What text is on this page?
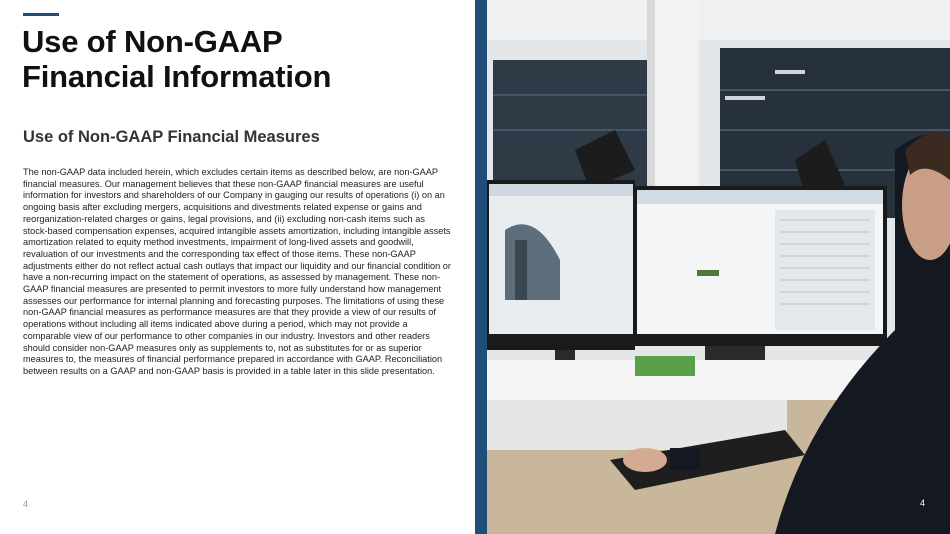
Use of Non-GAAP
Financial Information
Use of Non-GAAP Financial Measures

The non-GAAP data included herein, which excludes certain items as described below, are non-GAAP financial measures. Our management believes that these non-GAAP financial measures are useful information for investors and shareholders of our Company in gauging our results of operations (i) on an ongoing basis after excluding mergers, acquisitions and divestments related expense or gains and reorganization-related charges or gains, legal provisions, and (ii) excluding non-cash items such as stock-based compensation expenses, acquired intangible assets amortization, including intangible assets amortization related to equity method investments, impairment of long-lived assets and goodwill, revaluation of our investments and the corresponding tax effect of those items. These non-GAAP adjustments either do not reflect actual cash outlays that impact our liquidity and our financial condition or have a non-recurring impact on the statement of operations, as assessed by management. These non-GAAP financial measures are presented to permit investors to more fully understand how management assesses our performance for internal planning and forecasting purposes. The limitations of using these non-GAAP financial measures as performance measures are that they provide a view of our results of operations without including all items indicated above during a period, which may not provide a comparable view of our performance to other companies in our industry. Investors and other readers should consider non-GAAP measures only as supplements to, not as substitutes for or as superior measures to, the measures of financial performance prepared in accordance with GAAP. Reconciliation between results on a GAAP and non-GAAP basis is provided in a table later in this slide presentation.

4	4
